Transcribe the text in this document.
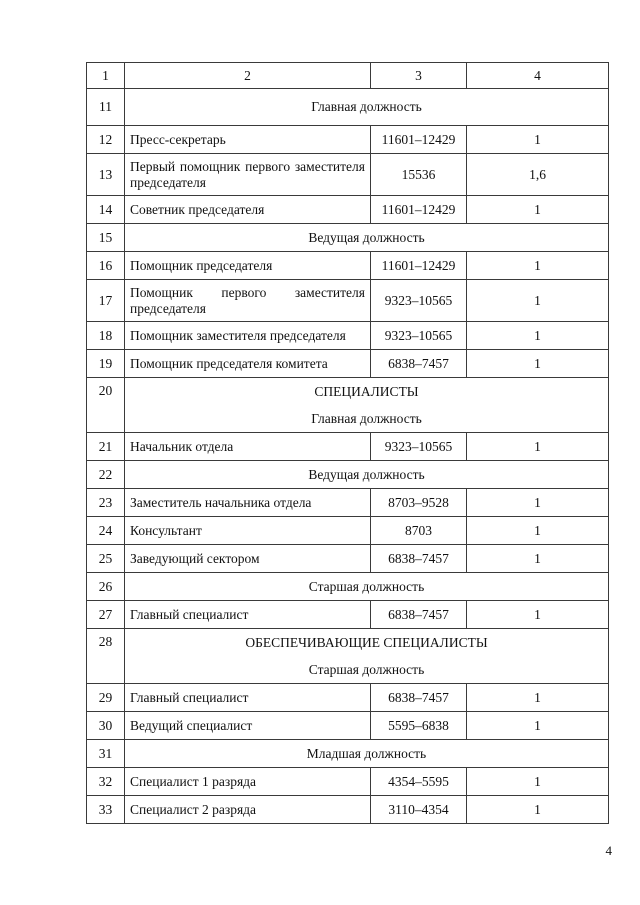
1	2	3	4
11	Главная должность		
12	Пресс-секретарь	11601–12429	1
13	Первый помощник первого заместителя председателя	15536	1,6
14	Советник председателя	11601–12429	1
15	Ведущая должность		
16	Помощник председателя	11601–12429	1
17	Помощник первого заместителя председателя	9323–10565	1
18	Помощник заместителя председателя	9323–10565	1
19	Помощник председателя комитета	6838–7457	1
20	СПЕЦИАЛИСТЫ		
	Главная должность		
21	Начальник отдела	9323–10565	1
22	Ведущая должность		
23	Заместитель начальника отдела	8703–9528	1
24	Консультант	8703	1
25	Заведующий сектором	6838–7457	1
26	Старшая должность		
27	Главный специалист	6838–7457	1
28	ОБЕСПЕЧИВАЮЩИЕ СПЕЦИАЛИСТЫ		
	Старшая должность		
29	Главный специалист	6838–7457	1
30	Ведущий специалист	5595–6838	1
31	Младшая должность		
32	Специалист 1 разряда	4354–5595	1
33	Специалист 2 разряда	3110–4354	1
4
